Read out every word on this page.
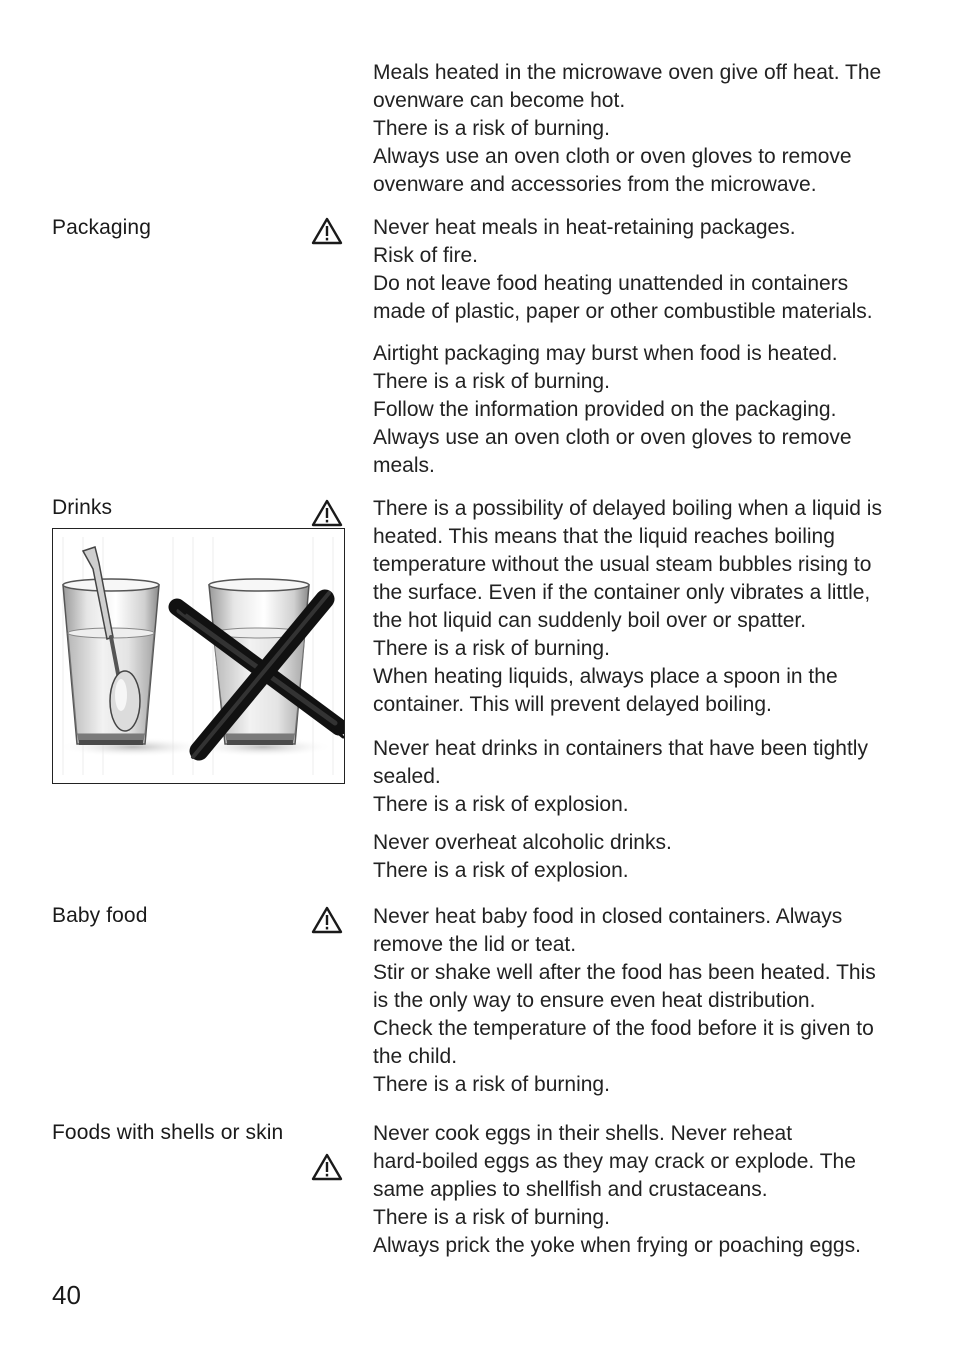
Meals heated in the microwave oven give off heat. The
ovenware can become hot.
There is a risk of burning.
Always use an oven cloth or oven gloves to remove
ovenware and accessories from the microwave.
Packaging	Never heat meals in heat-retaining packages.
Risk of fire.
Do not leave food heating unattended in containers
made of plastic, paper or other combustible materials.
Airtight packaging may burst when food is heated.
There is a risk of burning.
Follow the information provided on the packaging.
Always use an oven cloth or oven gloves to remove
meals.
Drinks	There is a possibility of delayed boiling when a liquid is
heated. This means that the liquid reaches boiling
temperature without the usual steam bubbles rising to
the surface. Even if the container only vibrates a little,
the hot liquid can suddenly boil over or spatter.
There is a risk of burning.
When heating liquids, always place a spoon in the
container. This will prevent delayed boiling.
Never heat drinks in containers that have been tightly
sealed.
There is a risk of explosion.
Never overheat alcoholic drinks.
There is a risk of explosion.
Baby food	Never heat baby food in closed containers. Always
remove the lid or teat.
Stir or shake well after the food has been heated. This
is the only way to ensure even heat distribution.
Check the temperature of the food before it is given to
the child.
There is a risk of burning.
Foods with shells or skin	Never cook eggs in their shells. Never reheat
hard-boiled eggs as they may crack or explode. The
same applies to shellfish and crustaceans.
There is a risk of burning.
Always prick the yoke when frying or poaching eggs.
40
